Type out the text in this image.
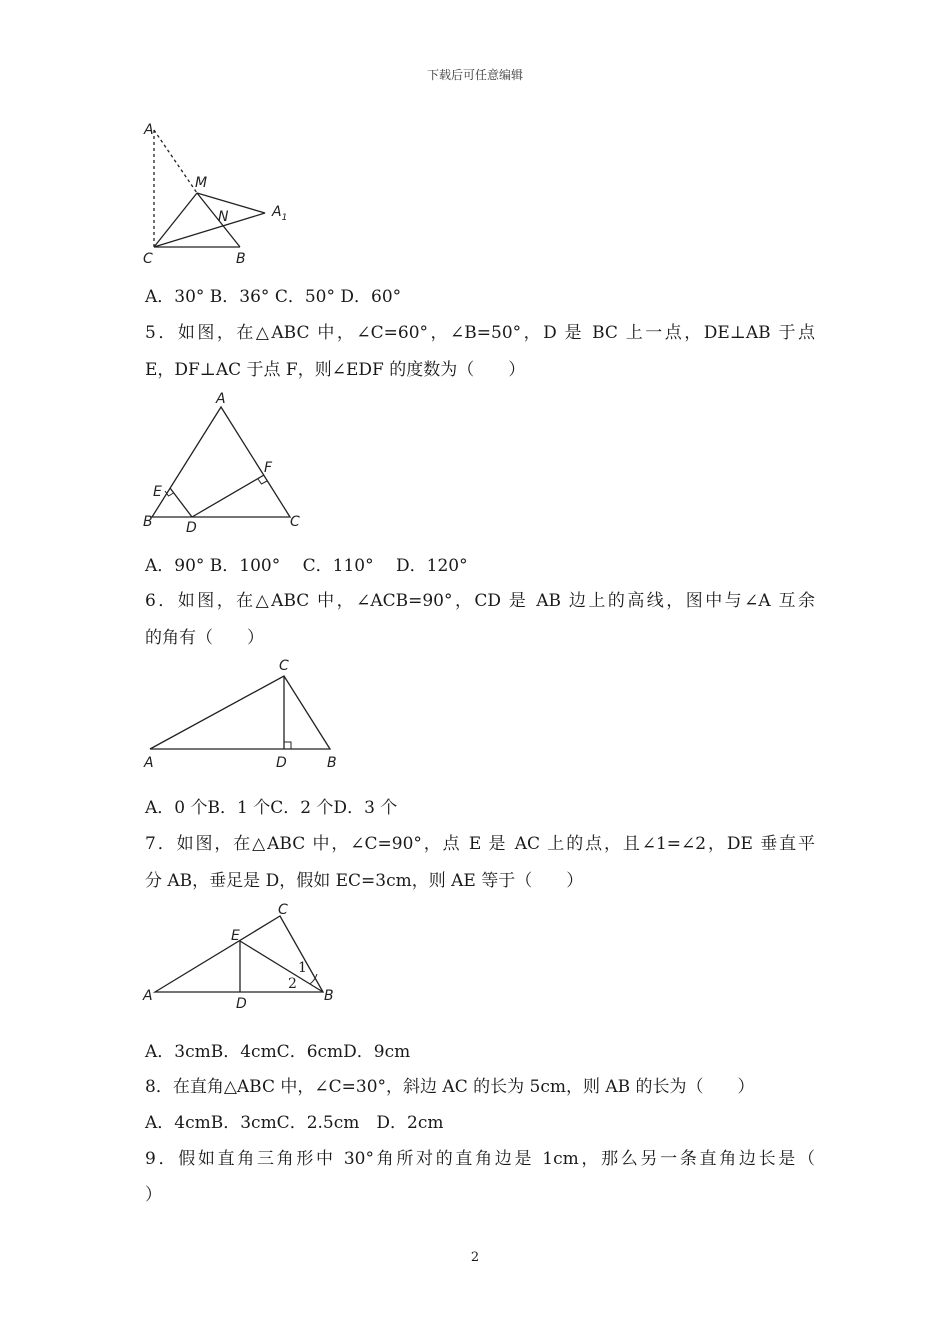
下载后可任意编辑
A
M
N	$A_1$
C	B
A．30° B．36° C．50° D．60°
5．如图，在△ABC 中，∠C=60°，∠B=50°，D 是 BC 上一点，DE⊥AB 于点
E，DF⊥AC 于点 F，则∠EDF 的度数为（　　）
A
E
F
B D	C
A．90° B．100°　 C．110°　 D．120°
6．如图，在△ABC 中，∠ACB=90°，CD 是 AB 边上的高线，图中与∠A 互余
的角有（　　）
C
A	D	B
A．0 个B．1 个C．2 个D．3 个
7．如图，在△ABC 中，∠C=90°，点 E 是 AC 上的点，且∠1=∠2，DE 垂直平
分 AB，垂足是 D，假如 EC=3cm，则 AE 等于（　　）
C
E
A	D	B
1
2
A．3cmB．4cmC．6cmD．9cm
8．在直角△ABC 中，∠C=30°，斜边 AC 的长为 5cm，则 AB 的长为（　　）
A．4cmB．3cmC．2.5cm　D．2cm
9．假如直角三角形中 30°角所对的直角边是 1cm，那么另一条直角边长是（
）
2
